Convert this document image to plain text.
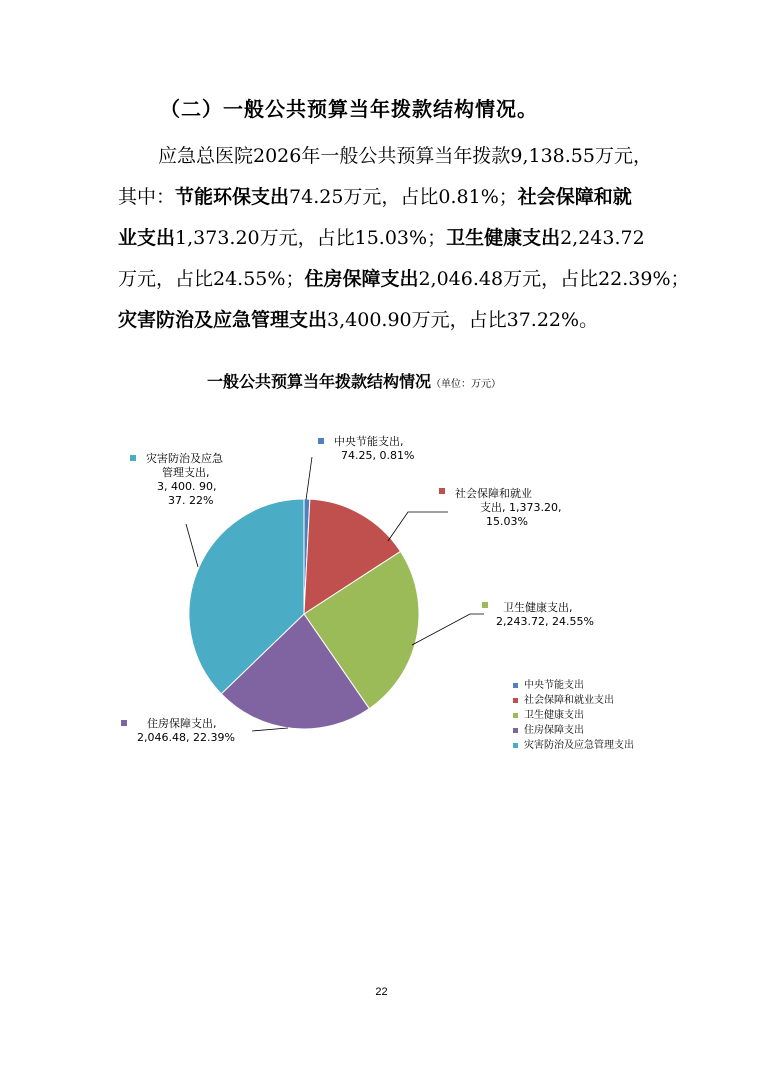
（二）一般公共预算当年拨款结构情况。
应急总医院2026年一般公共预算当年拨款9,138.55万元，
其中：节能环保支出74.25万元，占比0.81%；社会保障和就
业支出1,373.20万元，占比15.03%；卫生健康支出2,243.72
万元，占比24.55%；住房保障支出2,046.48万元，占比22.39%；
灾害防治及应急管理支出3,400.90万元，占比37.22%。
一般公共预算当年拨款结构情况（单位：万元）
中央节能支出,
74.25, 0.81%
社会保障和就业
支出, 1,373.20,
15.03%
卫生健康支出,
2,243.72, 24.55%
住房保障支出,
2,046.48, 22.39%
灾害防治及应急
管理支出,
3, 400. 90,
37. 22%
中央节能支出
社会保障和就业支出
卫生健康支出
住房保障支出
灾害防治及应急管理支出
22
